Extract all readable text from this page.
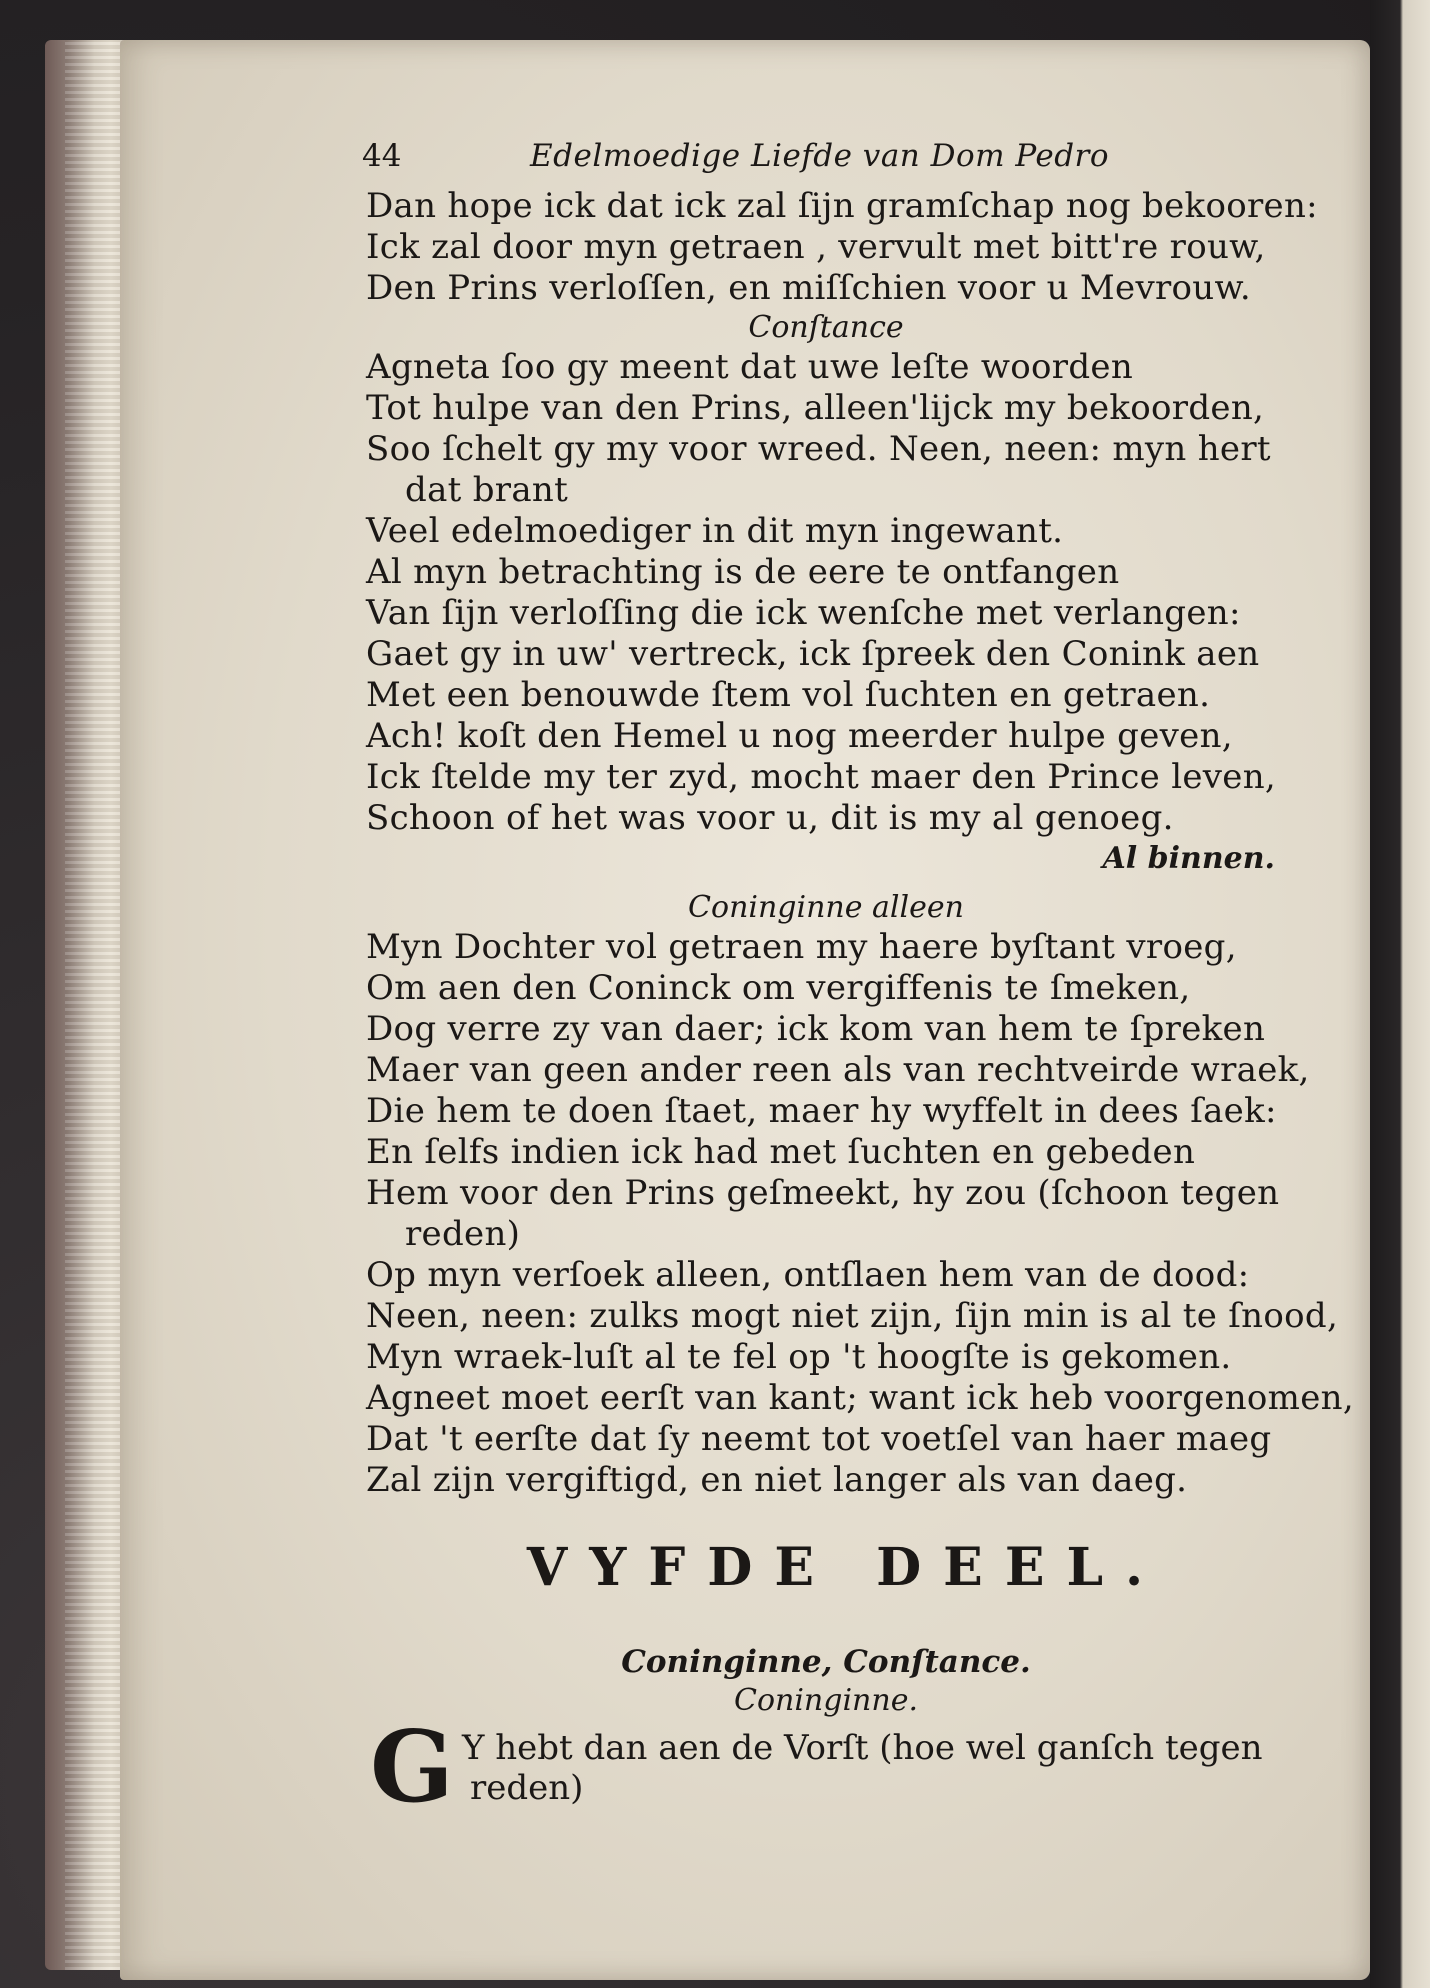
44	Edelmoedige Liefde van Dom Pedro
Dan hope ick dat ick zal ſijn gramſchap nog bekooren:
Ick zal door myn getraen , vervult met bitt're rouw,
Den Prins verloſſen, en miſſchien voor u Mevrouw.
Conſtance
Agneta ſoo gy meent dat uwe leſte woorden
Tot hulpe van den Prins, alleen'lijck my bekoorden,
Soo ſchelt gy my voor wreed. Neen, neen: myn hert
dat brant
Veel edelmoediger in dit myn ingewant.
Al myn betrachting is de eere te ontfangen
Van ſijn verloſſing die ick wenſche met verlangen:
Gaet gy in uw' vertreck, ick ſpreek den Conink aen
Met een benouwde ſtem vol ſuchten en getraen.
Ach! koſt den Hemel u nog meerder hulpe geven,
Ick ſtelde my ter zyd, mocht maer den Prince leven,
Schoon of het was voor u, dit is my al genoeg.
Al binnen.
Coninginne alleen
Myn Dochter vol getraen my haere byſtant vroeg,
Om aen den Coninck om vergiffenis te ſmeken,
Dog verre zy van daer; ick kom van hem te ſpreken
Maer van geen ander reen als van rechtveirde wraek,
Die hem te doen ſtaet, maer hy wyffelt in dees ſaek:
En ſelfs indien ick had met ſuchten en gebeden
Hem voor den Prins geſmeekt, hy zou (ſchoon tegen
reden)
Op myn verſoek alleen, ontſlaen hem van de dood:
Neen, neen: zulks mogt niet zijn, ſijn min is al te ſnood,
Myn wraek-luſt al te fel op 't hoogſte is gekomen.
Agneet moet eerſt van kant; want ick heb voorgenomen,
Dat 't eerſte dat ſy neemt tot voetſel van haer maeg
Zal zijn vergiftigd, en niet langer als van daeg.
VYFDE DEEL.
Coninginne, Conſtance.
Coninginne.
G Y hebt dan aen de Vorſt (hoe wel ganſch tegen
reden)
